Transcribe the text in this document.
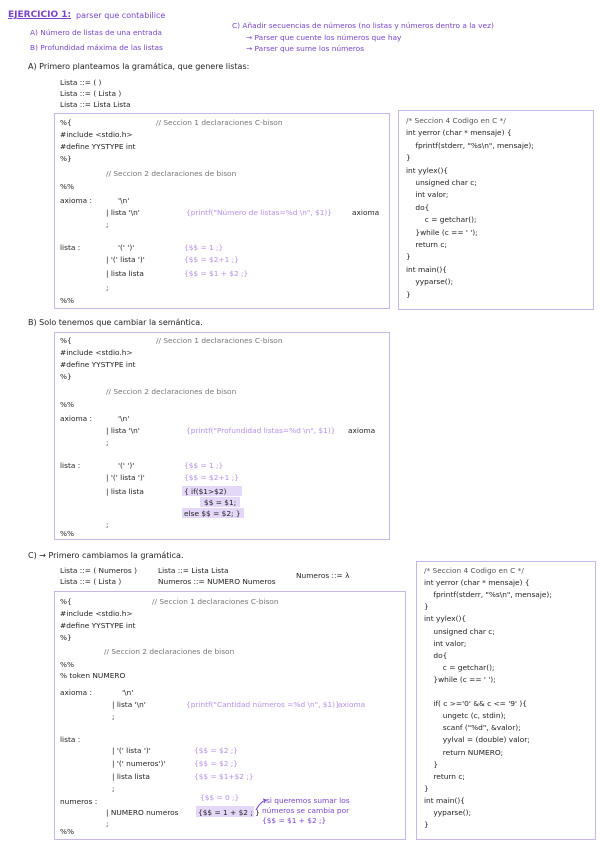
EJERCICIO 1: parser que contabilice
A) Número de listas de una entrada
B) Profundidad máxima de las listas
C) Añadir secuencias de números (no listas y números dentro a la vez)
→ Parser que cuente los números que hay
→ Parser que sume los números
A) Primero planteamos la gramática, que genere listas:
Lista ::= ( )
Lista ::= ( Lista )
Lista ::= Lista Lista
%{	// Seccion 1 declaraciones C-bison
#include <stdio.h>
#define YYSTYPE int
%}
// Seccion 2 declaraciones de bison
%%
axioma :	'\n'
| lista '\n'	{printf("Número de listas=%d \n", $1)}	axioma
;
lista :	'(' ')'	{$$ = 1 ;}
| '(' lista ')'	{$$ = $2+1 ;}
| lista lista	{$$ = $1 + $2 ;}
;
%%
/* Seccion 4 Codigo en C */
int yerror (char * mensaje) {
fprintf(stderr, "%s\n", mensaje);
}
int yylex(){
unsigned char c;
int valor;
do{
c = getchar();
}while (c == ' ');
return c;
}
int main(){
yyparse();
}
B) Solo tenemos que cambiar la semántica.
%{	// Seccion 1 declaraciones C-bison
#include <stdio.h>
#define YYSTYPE int
%}
// Seccion 2 declaraciones de bison
%%
axioma :	'\n'
| lista '\n'	{printf("Profundidad listas=%d \n", $1)} axioma
;
lista :	'(' ')'	{$$ = 1 ;}
| '(' lista ')'	{$$ = $2+1 ;}
| lista lista	{ if($1>$2)
$$ = $1;
else $$ = $2; }
;
%%
C) → Primero cambiamos la gramática.
Lista ::= ( Numeros )
Lista ::= ( Lista )
Lista ::= Lista Lista
Numeros ::= NUMERO Numeros
Numeros ::= λ
%{	// Seccion 1 declaraciones C-bison
#include <stdio.h>
#define YYSTYPE int
%}
// Seccion 2 declaraciones de bison
%%
% token NUMERO
axioma :	'\n'
| lista '\n'	{printf("Cantidad números =%d \n", $1)}
axioma
;
lista :
| '(' lista ')'	{$$ = $2 ;}
| '(' numeros')'	{$$ = $2 ;}
| lista lista	{$$ = $1+$2 ;}
;
numeros :	{$$ = 0 ;}
| NUMERO numeros	{$$ = 1 + $2 ; }
si queremos sumar los
números se cambia por
{$$ = $1 + $2 ;}
;
%%
/* Seccion 4 Codigo en C */
int yerror (char * mensaje) {
fprintf(stderr, "%s\n", mensaje);
}
int yylex(){
unsigned char c;
int valor;
do{
c = getchar();
}while (c == ' ');
if( c >='0' && c <= '9' ){
ungetc (c, stdin);
scanf ("%d", &valor);
yylval = (double) valor;
return NUMERO;
}
return c;
}
int main(){
yyparse();
}
